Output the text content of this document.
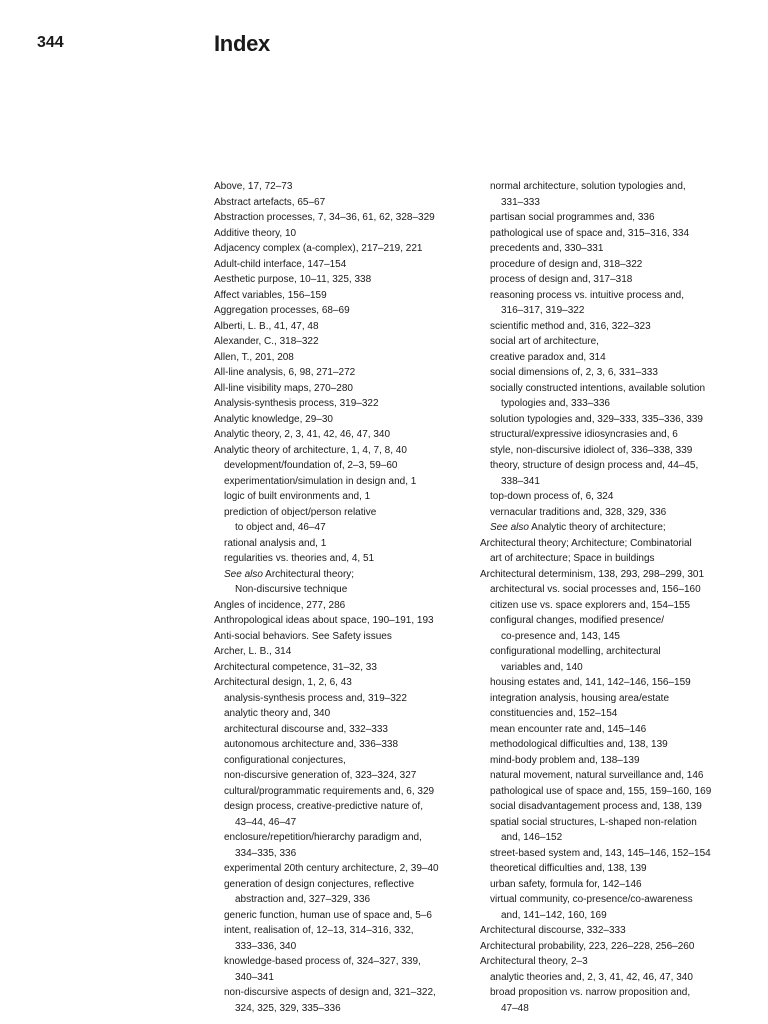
344	Index
Above, 17, 72–73
Abstract artefacts, 65–67
Abstraction processes, 7, 34–36, 61, 62, 328–329
Additive theory, 10
Adjacency complex (a-complex), 217–219, 221
Adult-child interface, 147–154
Aesthetic purpose, 10–11, 325, 338
Affect variables, 156–159
Aggregation processes, 68–69
Alberti, L. B., 41, 47, 48
Alexander, C., 318–322
Allen, T., 201, 208
All-line analysis, 6, 98, 271–272
All-line visibility maps, 270–280
Analysis-synthesis process, 319–322
Analytic knowledge, 29–30
Analytic theory, 2, 3, 41, 42, 46, 47, 340
Analytic theory of architecture, 1, 4, 7, 8, 40
development/foundation of, 2–3, 59–60
experimentation/simulation in design and, 1
logic of built environments and, 1
prediction of object/person relative
to object and, 46–47
rational analysis and, 1
regularities vs. theories and, 4, 51
See also Architectural theory;
Non-discursive technique
Angles of incidence, 277, 286
Anthropological ideas about space, 190–191, 193
Anti-social behaviors. See Safety issues
Archer, L. B., 314
Architectural competence, 31–32, 33
Architectural design, 1, 2, 6, 43
analysis-synthesis process and, 319–322
analytic theory and, 340
architectural discourse and, 332–333
autonomous architecture and, 336–338
configurational conjectures,
non-discursive generation of, 323–324, 327
cultural/programmatic requirements and, 6, 329
design process, creative-predictive nature of,
43–44, 46–47
enclosure/repetition/hierarchy paradigm and,
334–335, 336
experimental 20th century architecture, 2, 39–40
generation of design conjectures, reflective
abstraction and, 327–329, 336
generic function, human use of space and, 5–6
intent, realisation of, 12–13, 314–316, 332,
333–336, 340
knowledge-based process of, 324–327, 339,
340–341
non-discursive aspects of design and, 321–322,
324, 325, 329, 335–336
normal architecture, solution typologies and,
331–333
partisan social programmes and, 336
pathological use of space and, 315–316, 334
precedents and, 330–331
procedure of design and, 318–322
process of design and, 317–318
reasoning process vs. intuitive process and,
316–317, 319–322
scientific method and, 316, 322–323
social art of architecture,
creative paradox and, 314
social dimensions of, 2, 3, 6, 331–333
socially constructed intentions, available solution
typologies and, 333–336
solution typologies and, 329–333, 335–336, 339
structural/expressive idiosyncrasies and, 6
style, non-discursive idiolect of, 336–338, 339
theory, structure of design process and, 44–45,
338–341
top-down process of, 6, 324
vernacular traditions and, 328, 329, 336
See also Analytic theory of architecture;
Architectural theory; Architecture; Combinatorial
art of architecture; Space in buildings
Architectural determinism, 138, 293, 298–299, 301
architectural vs. social processes and, 156–160
citizen use vs. space explorers and, 154–155
configural changes, modified presence/
co-presence and, 143, 145
configurational modelling, architectural
variables and, 140
housing estates and, 141, 142–146, 156–159
integration analysis, housing area/estate
constituencies and, 152–154
mean encounter rate and, 145–146
methodological difficulties and, 138, 139
mind-body problem and, 138–139
natural movement, natural surveillance and, 146
pathological use of space and, 155, 159–160, 169
social disadvantagement process and, 138, 139
spatial social structures, L-shaped non-relation
and, 146–152
street-based system and, 143, 145–146, 152–154
theoretical difficulties and, 138, 139
urban safety, formula for, 142–146
virtual community, co-presence/co-awareness
and, 141–142, 160, 169
Architectural discourse, 332–333
Architectural probability, 223, 226–228, 256–260
Architectural theory, 2–3
analytic theories and, 2, 3, 41, 42, 46, 47, 340
broad proposition vs. narrow proposition and,
47–48
